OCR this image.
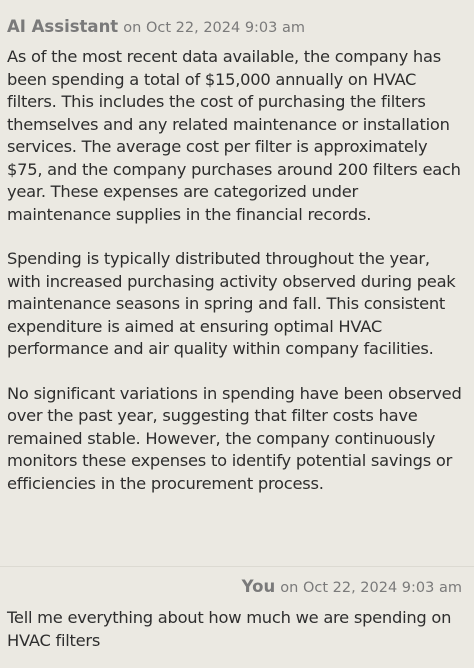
AI Assistant on Oct 22, 2024 9:03 am

As of the most recent data available, the company has been spending a total of $15,000 annually on HVAC filters. This includes the cost of purchasing the filters themselves and any related maintenance or installation services. The average cost per filter is approximately $75, and the company purchases around 200 filters each year. These expenses are categorized under maintenance supplies in the financial records.

Spending is typically distributed throughout the year, with increased purchasing activity observed during peak maintenance seasons in spring and fall. This consistent expenditure is aimed at ensuring optimal HVAC performance and air quality within company facilities.

No significant variations in spending have been observed over the past year, suggesting that filter costs have remained stable. However, the company continuously monitors these expenses to identify potential savings or efficiencies in the procurement process.

You on Oct 22, 2024 9:03 am

Tell me everything about how much we are spending on HVAC filters
